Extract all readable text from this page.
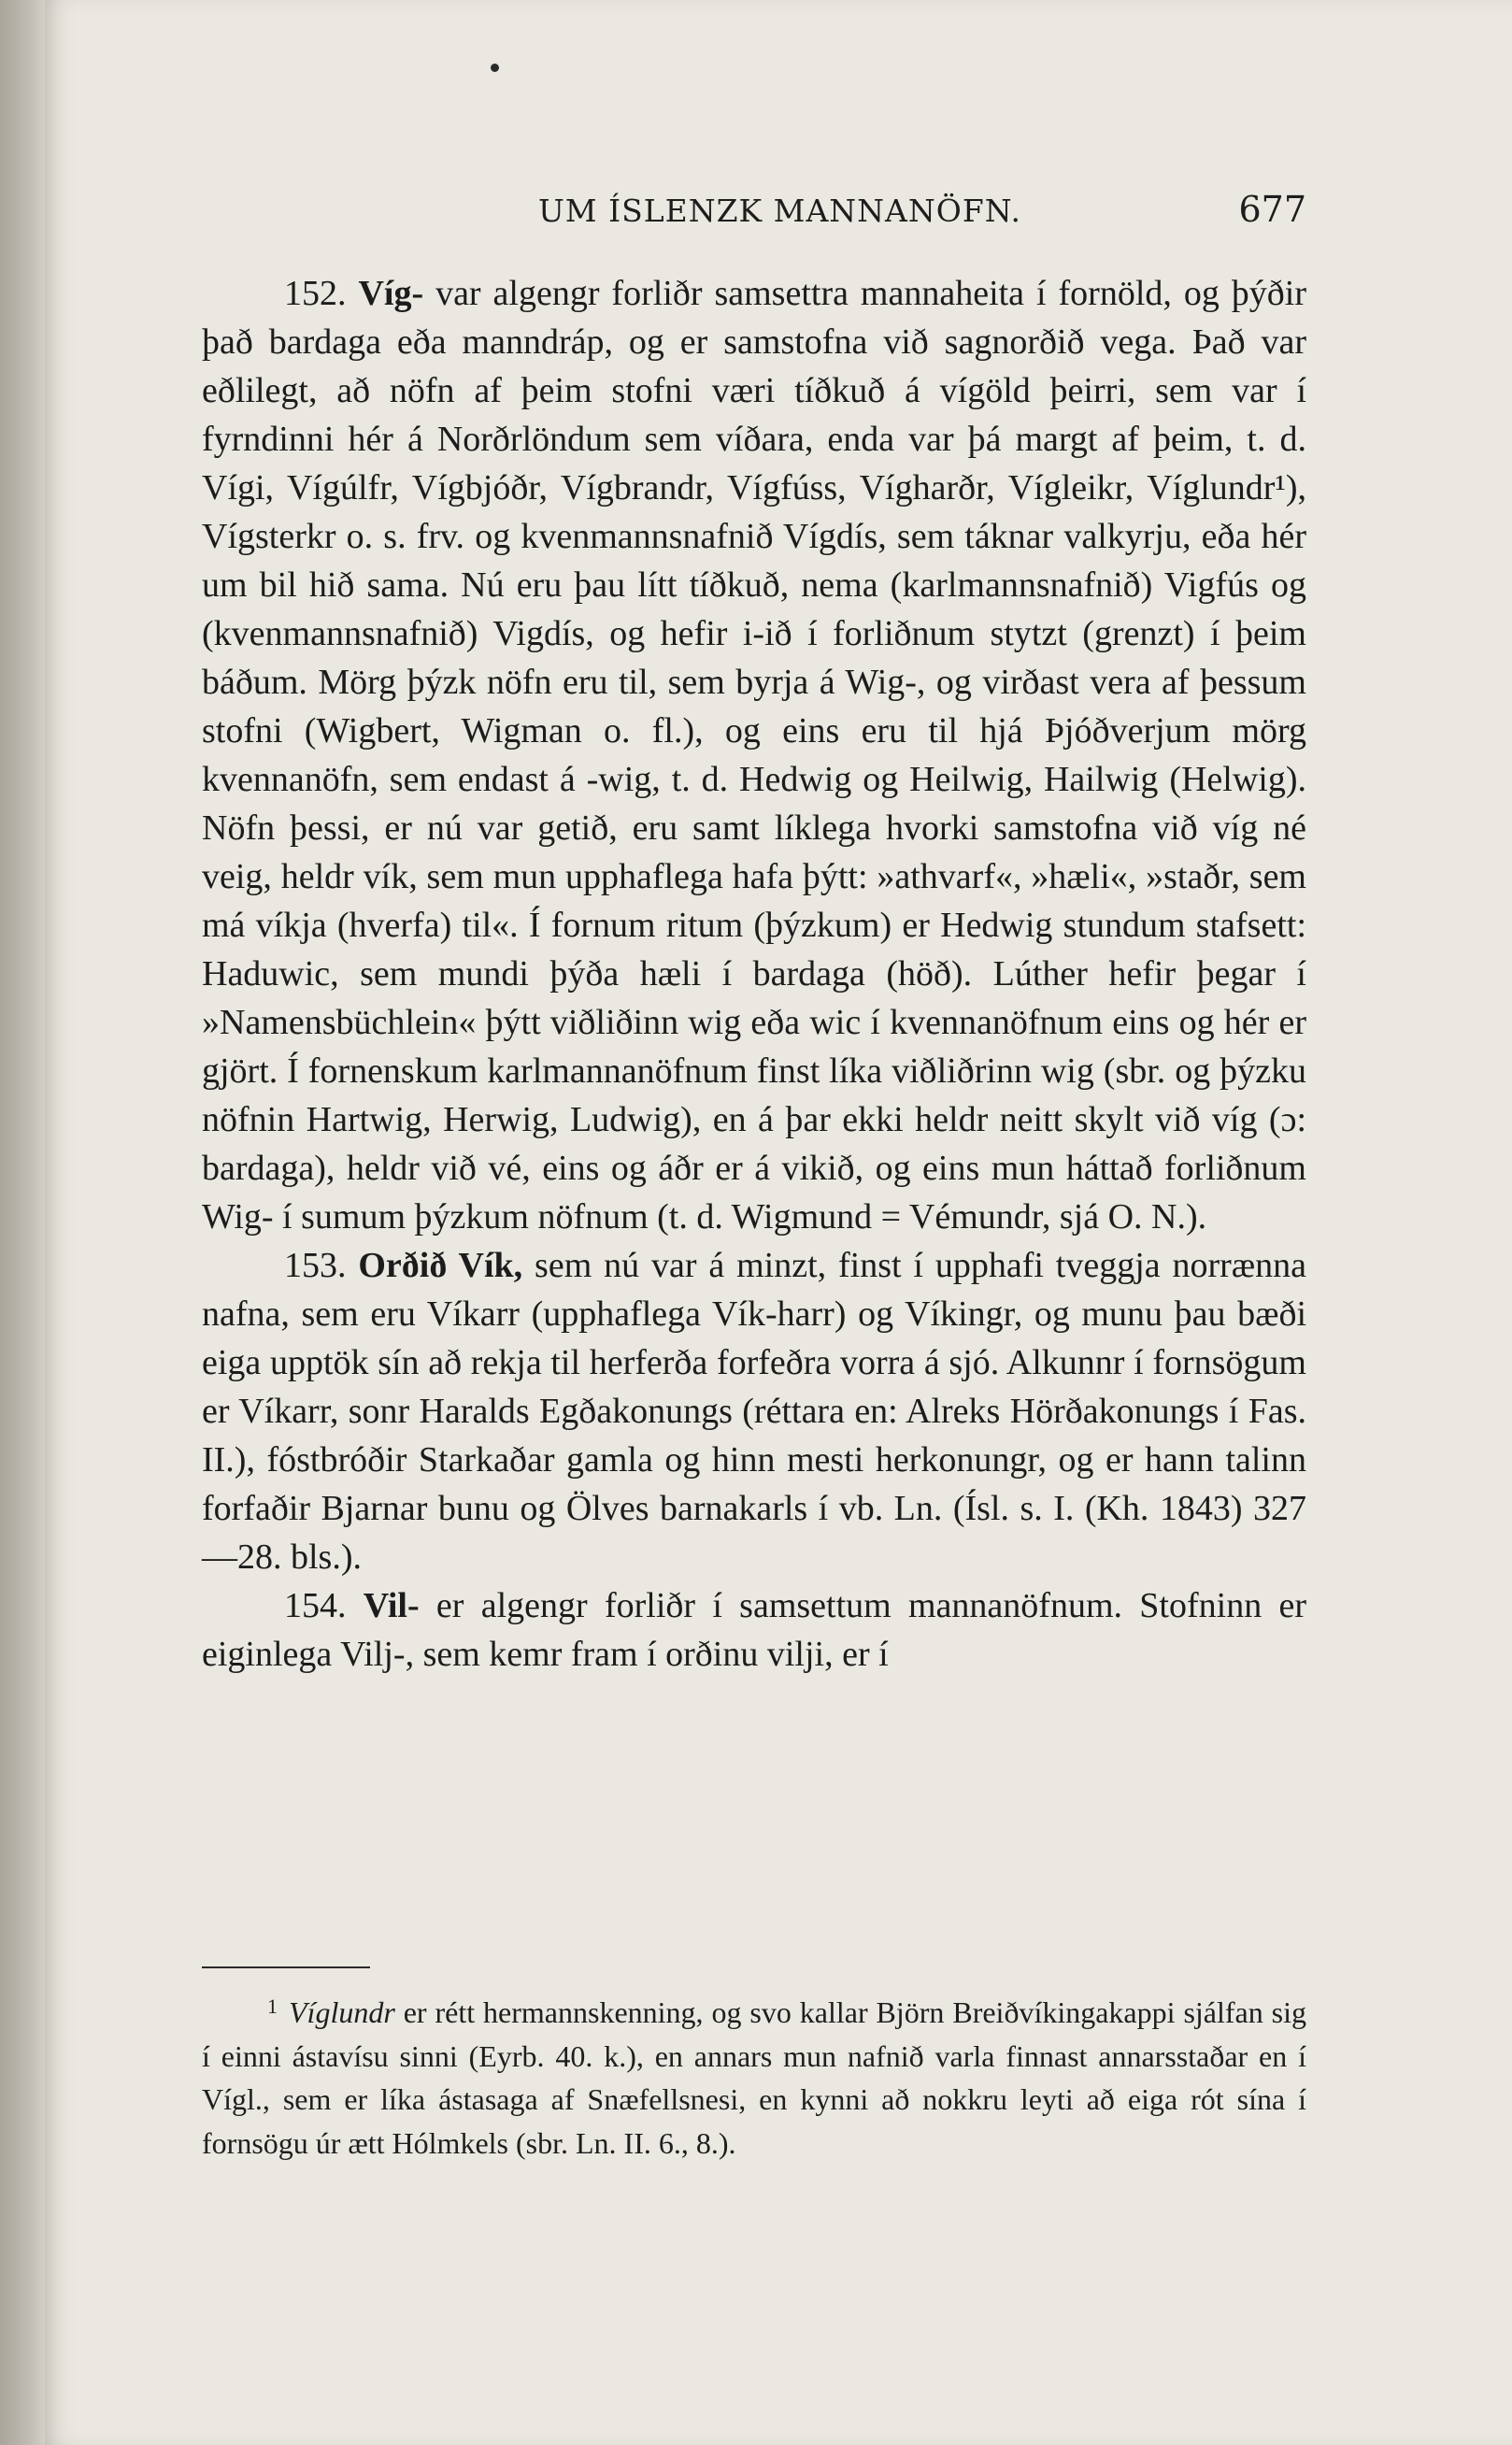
UM ÍSLENZK MANNANÖFN.	677

152. Víg- var algengr forliðr samsettra mannaheita í fornöld, og þýðir það bardaga eða manndráp, og er samstofna við sagnorðið vega. Það var eðlilegt, að nöfn af þeim stofni væri tíðkuð á vígöld þeirri, sem var í fyrndinni hér á Norðrlöndum sem víðara, enda var þá margt af þeim, t. d. Vígi, Vígúlfr, Vígbjóðr, Vígbrandr, Vígfúss, Vígharðr, Vígleikr, Víglundr¹), Vígsterkr o. s. frv. og kvenmannsnafnið Vígdís, sem táknar valkyrju, eða hér um bil hið sama. Nú eru þau lítt tíðkuð, nema (karlmannsnafnið) Vigfús og (kvenmannsnafnið) Vigdís, og hefir i-ið í forliðnum stytzt (grenzt) í þeim báðum. Mörg þýzk nöfn eru til, sem byrja á Wig-, og virðast vera af þessum stofni (Wigbert, Wigman o. fl.), og eins eru til hjá Þjóðverjum mörg kvennanöfn, sem endast á -wig, t. d. Hedwig og Heilwig, Hailwig (Helwig). Nöfn þessi, er nú var getið, eru samt líklega hvorki samstofna við víg né veig, heldr vík, sem mun upphaflega hafa þýtt: »athvarf«, »hæli«, »staðr, sem má víkja (hverfa) til«. Í fornum ritum (þýzkum) er Hedwig stundum stafsett: Haduwic, sem mundi þýða hæli í bardaga (höð). Lúther hefir þegar í »Namensbüchlein« þýtt viðliðinn wig eða wic í kvennanöfnum eins og hér er gjört. Í fornenskum karlmannanöfnum finst líka viðliðrinn wig (sbr. og þýzku nöfnin Hartwig, Herwig, Ludwig), en á þar ekki heldr neitt skylt við víg (ɔ: bardaga), heldr við vé, eins og áðr er á vikið, og eins mun háttað forliðnum Wig- í sumum þýzkum nöfnum (t. d. Wigmund = Vémundr, sjá O. N.).

153. Orðið Vík, sem nú var á minzt, finst í upphafi tveggja norrænna nafna, sem eru Víkarr (upphaflega Vík-harr) og Víkingr, og munu þau bæði eiga upptök sín að rekja til herferða forfeðra vorra á sjó. Alkunnr í fornsögum er Víkarr, sonr Haralds Egðakonungs (réttara en: Alreks Hörðakonungs í Fas. II.), fóstbróðir Starkaðar gamla og hinn mesti herkonungr, og er hann talinn forfaðir Bjarnar bunu og Ölves barnakarls í vb. Ln. (Ísl. s. I. (Kh. 1843) 327—28. bls.).

154. Vil- er algengr forliðr í samsettum mannanöfnum. Stofninn er eiginlega Vilj-, sem kemr fram í orðinu vilji, er í

$^1$ Víglundr er rétt hermannskenning, og svo kallar Björn Breiðvíkingakappi sjálfan sig í einni ástavísu sinni (Eyrb. 40. k.), en annars mun nafnið varla finnast annarsstaðar en í Vígl., sem er líka ástasaga af Snæfellsnesi, en kynni að nokkru leyti að eiga rót sína í fornsögu úr ætt Hólmkels (sbr. Ln. II. 6., 8.).
